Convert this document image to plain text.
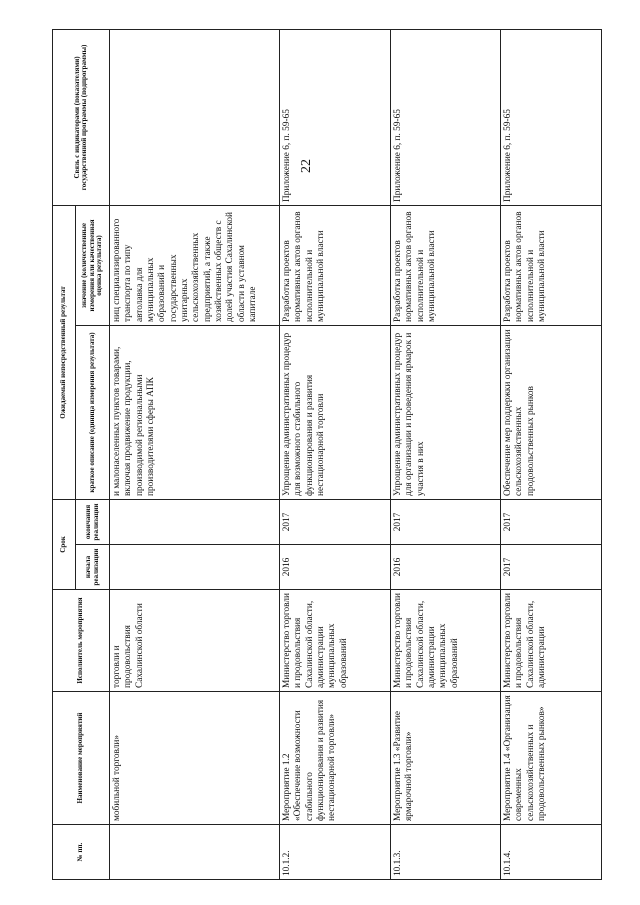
22
№ пп.	Наименование мероприятий	Исполнитель мероприятия	Срок		Ожидаемый непосредственный результат		Связь с индикаторами (показателями) государственной программы (подпрограммы)
			начала реализации	окончания реализации	краткое описание (единица измерения результата)	значение (количественные измерения или качественная оценка результата)	
	мобильной торговли»	торговли и продовольствия Сахалинской области			и малонаселенных пунктов товарами, включая продвижение продукции, производимой региональными производителями сферы АПК	ниц специализированного транспорта по типу автолавка для муниципальных образований и государственных унитарных сельскохозяйственных предприятий, а также хозяйственных обществ с долей участия Сахалинской области в уставном капитале	
10.1.2.	Мероприятие 1.2 «Обеспечение возможности стабильного функционирования и развития нестационарной торговли»	Министерство торговли и продовольствия Сахалинской области, администрации муниципальных образований	2016	2017	Упрощение административных процедур для возможного стабильного функционирования и развития нестационарной торговли	Разработка проектов нормативных актов органов исполнительной и муниципальной власти	Приложение 6, п. 59-65
10.1.3.	Мероприятие 1.3 «Развитие ярмарочной торговли»	Министерство торговли и продовольствия Сахалинской области, администрации муниципальных образований	2016	2017	Упрощение административных процедур для организации и проведения ярмарок и участия в них	Разработка проектов нормативных актов органов исполнительной и муниципальной власти	Приложение 6, п. 59-65
10.1.4.	Мероприятие 1.4 «Организация современных сельскохозяйственных и продовольственных рынков»	Министерство торговли и продовольствия Сахалинской области, администрации	2017	2017	Обеспечение мер поддержки организации сельскохозяйственных продовольственных рынков	Разработка проектов нормативных актов органов исполнительной и муниципальной власти	Приложение 6, п. 59-65
